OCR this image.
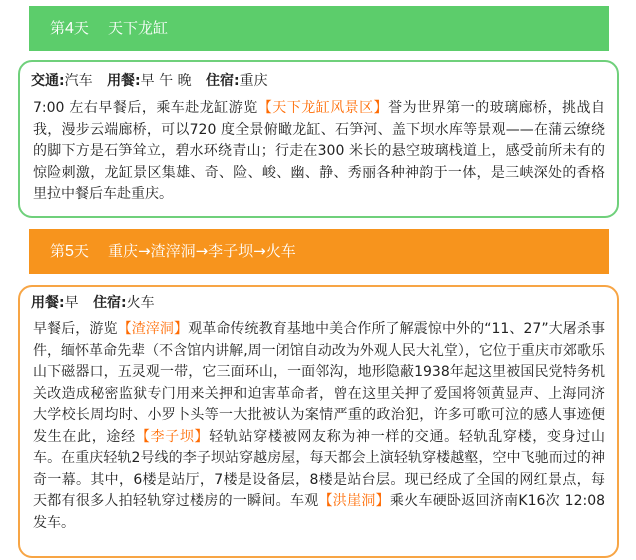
第4天 天下龙缸
交通:汽车 用餐:早 午 晚 住宿:重庆
7:00 左右早餐后，乘车赴龙缸游览【天下龙缸风景区】誉为世界第一的玻璃廊桥，挑战自我，漫步云端廊桥，可以720 度全景俯瞰龙缸、石笋河、盖下坝水库等景观——在蒲云缭绕的脚下方是石笋耸立，碧水环绕青山；行走在300 米长的悬空玻璃栈道上，感受前所未有的惊险刺激，龙缸景区集雄、奇、险、峻、幽、静、秀丽各种神韵于一体，是三峡深处的香格里拉中餐后车赴重庆。
第5天 重庆→渣滓洞→李子坝→火车
用餐:早 住宿:火车
早餐后，游览【渣滓洞】观革命传统教育基地中美合作所了解震惊中外的“11、27”大屠杀事件，缅怀革命先辈（不含馆内讲解,周一闭馆自动改为外观人民大礼堂），它位于重庆市郊歌乐山下磁器口，五灵观一带，它三面环山，一面邻沟，地形隐蔽1938年起这里被国民党特务机关改造成秘密监狱专门用来关押和迫害革命者，曾在这里关押了爱国将领黄显声、上海同济大学校长周均时、小罗卜头等一大批被认为案情严重的政治犯，许多可歌可泣的感人事迹便发生在此，途经【李子坝】轻轨站穿楼被网友称为神一样的交通。轻轨乱穿楼，变身过山车。在重庆轻轨2号线的李子坝站穿越房屋，每天都会上演轻轨穿楼越壑，空中飞驰而过的神奇一幕。其中，6楼是站厅，7楼是设备层，8楼是站台层。现已经成了全国的网红景点，每天都有很多人拍轻轨穿过楼房的一瞬间。车观【洪崖洞】乘火车硬卧返回济南K16次 12:08发车。
